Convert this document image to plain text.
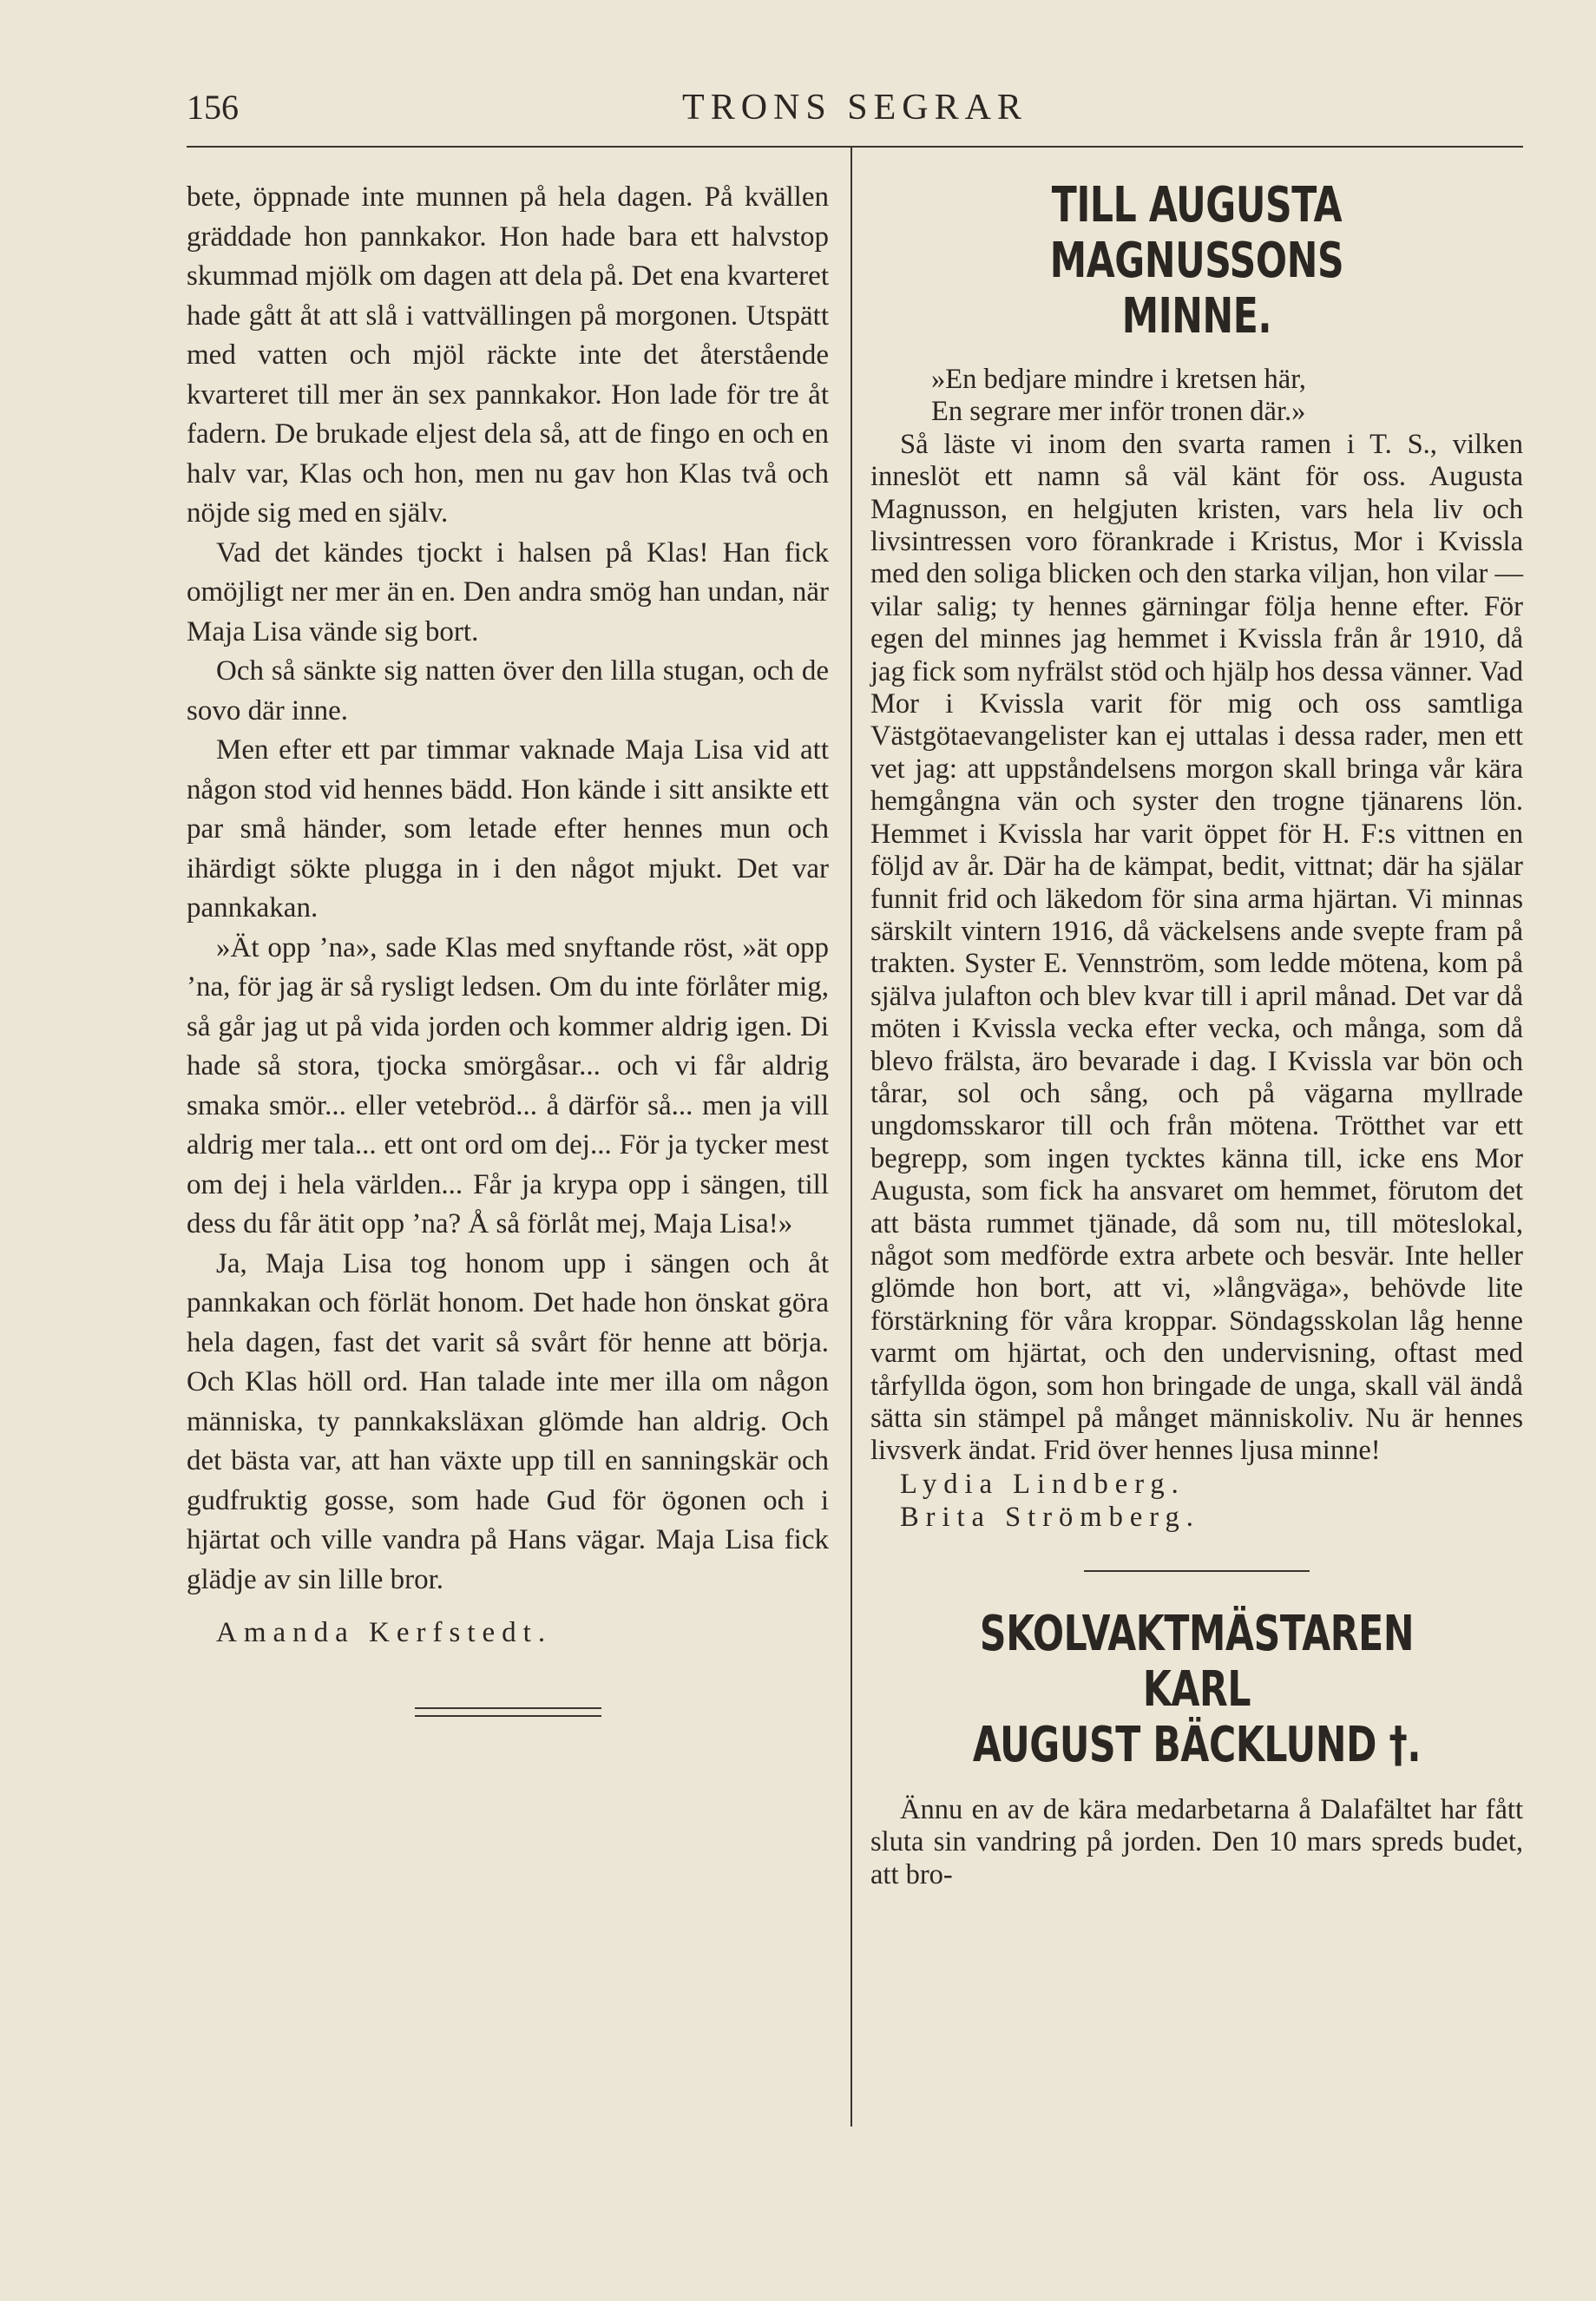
156	TRONS SEGRAR

bete, öppnade inte munnen på hela dagen. På kvällen gräddade hon pannkakor. Hon hade bara ett halvstop skummad mjölk om dagen att dela på. Det ena kvarteret hade gått åt att slå i vattvällingen på morgonen. Utspätt med vatten och mjöl räckte inte det återstående kvarteret till mer än sex pannkakor. Hon lade för tre åt fadern. De brukade eljest dela så, att de fingo en och en halv var, Klas och hon, men nu gav hon Klas två och nöjde sig med en själv.

Vad det kändes tjockt i halsen på Klas! Han fick omöjligt ner mer än en. Den andra smög han undan, när Maja Lisa vände sig bort.

Och så sänkte sig natten över den lilla stugan, och de sovo där inne.

Men efter ett par timmar vaknade Maja Lisa vid att någon stod vid hennes bädd. Hon kände i sitt ansikte ett par små händer, som letade efter hennes mun och ihärdigt sökte plugga in i den något mjukt. Det var pannkakan.

»Ät opp ’na», sade Klas med snyftande röst, »ät opp ’na, för jag är så rysligt ledsen. Om du inte förlåter mig, så går jag ut på vida jorden och kommer aldrig igen. Di hade så stora, tjocka smörgåsar... och vi får aldrig smaka smör... eller vetebröd... å därför så... men ja vill aldrig mer tala... ett ont ord om dej... För ja tycker mest om dej i hela världen... Får ja krypa opp i sängen, till dess du får ätit opp ’na? Å så förlåt mej, Maja Lisa!»

Ja, Maja Lisa tog honom upp i sängen och åt pannkakan och förlät honom. Det hade hon önskat göra hela dagen, fast det varit så svårt för henne att börja. Och Klas höll ord. Han talade inte mer illa om någon människa, ty pannkaksläxan glömde han aldrig. Och det bästa var, att han växte upp till en sanningskär och gudfruktig gosse, som hade Gud för ögonen och i hjärtat och ville vandra på Hans vägar. Maja Lisa fick glädje av sin lille bror.

Amanda Kerfstedt.

TILL AUGUSTA MAGNUSSONS
MINNE.
»En bedjare mindre i kretsen här,
En segrare mer inför tronen där.»

Så läste vi inom den svarta ramen i T. S., vilken inneslöt ett namn så väl känt för oss. Augusta Magnusson, en helgjuten kristen, vars hela liv och livsintressen voro förankrade i Kristus, Mor i Kvissla med den soliga blicken och den starka viljan, hon vilar — vilar salig; ty hennes gärningar följa henne efter. För egen del minnes jag hemmet i Kvissla från år 1910, då jag fick som nyfrälst stöd och hjälp hos dessa vänner. Vad Mor i Kvissla varit för mig och oss samtliga Västgötaevangelister kan ej uttalas i dessa rader, men ett vet jag: att uppståndelsens morgon skall bringa vår kära hemgångna vän och syster den trogne tjänarens lön. Hemmet i Kvissla har varit öppet för H. F:s vittnen en följd av år. Där ha de kämpat, bedit, vittnat; där ha själar funnit frid och läkedom för sina arma hjärtan. Vi minnas särskilt vintern 1916, då väckelsens ande svepte fram på trakten. Syster E. Vennström, som ledde mötena, kom på själva julafton och blev kvar till i april månad. Det var då möten i Kvissla vecka efter vecka, och många, som då blevo frälsta, äro bevarade i dag. I Kvissla var bön och tårar, sol och sång, och på vägarna myllrade ungdomsskaror till och från mötena. Trötthet var ett begrepp, som ingen tycktes känna till, icke ens Mor Augusta, som fick ha ansvaret om hemmet, förutom det att bästa rummet tjänade, då som nu, till möteslokal, något som medförde extra arbete och besvär. Inte heller glömde hon bort, att vi, »långväga», behövde lite förstärkning för våra kroppar. Söndagsskolan låg henne varmt om hjärtat, och den undervisning, oftast med tårfyllda ögon, som hon bringade de unga, skall väl ändå sätta sin stämpel på månget människoliv. Nu är hennes livsverk ändat. Frid över hennes ljusa minne!

Lydia Lindberg.

Brita Strömberg.

SKOLVAKTMÄSTAREN KARL
AUGUST BÄCKLUND †.

Ännu en av de kära medarbetarna å Dalafältet har fått sluta sin vandring på jorden. Den 10 mars spreds budet, att bro-
